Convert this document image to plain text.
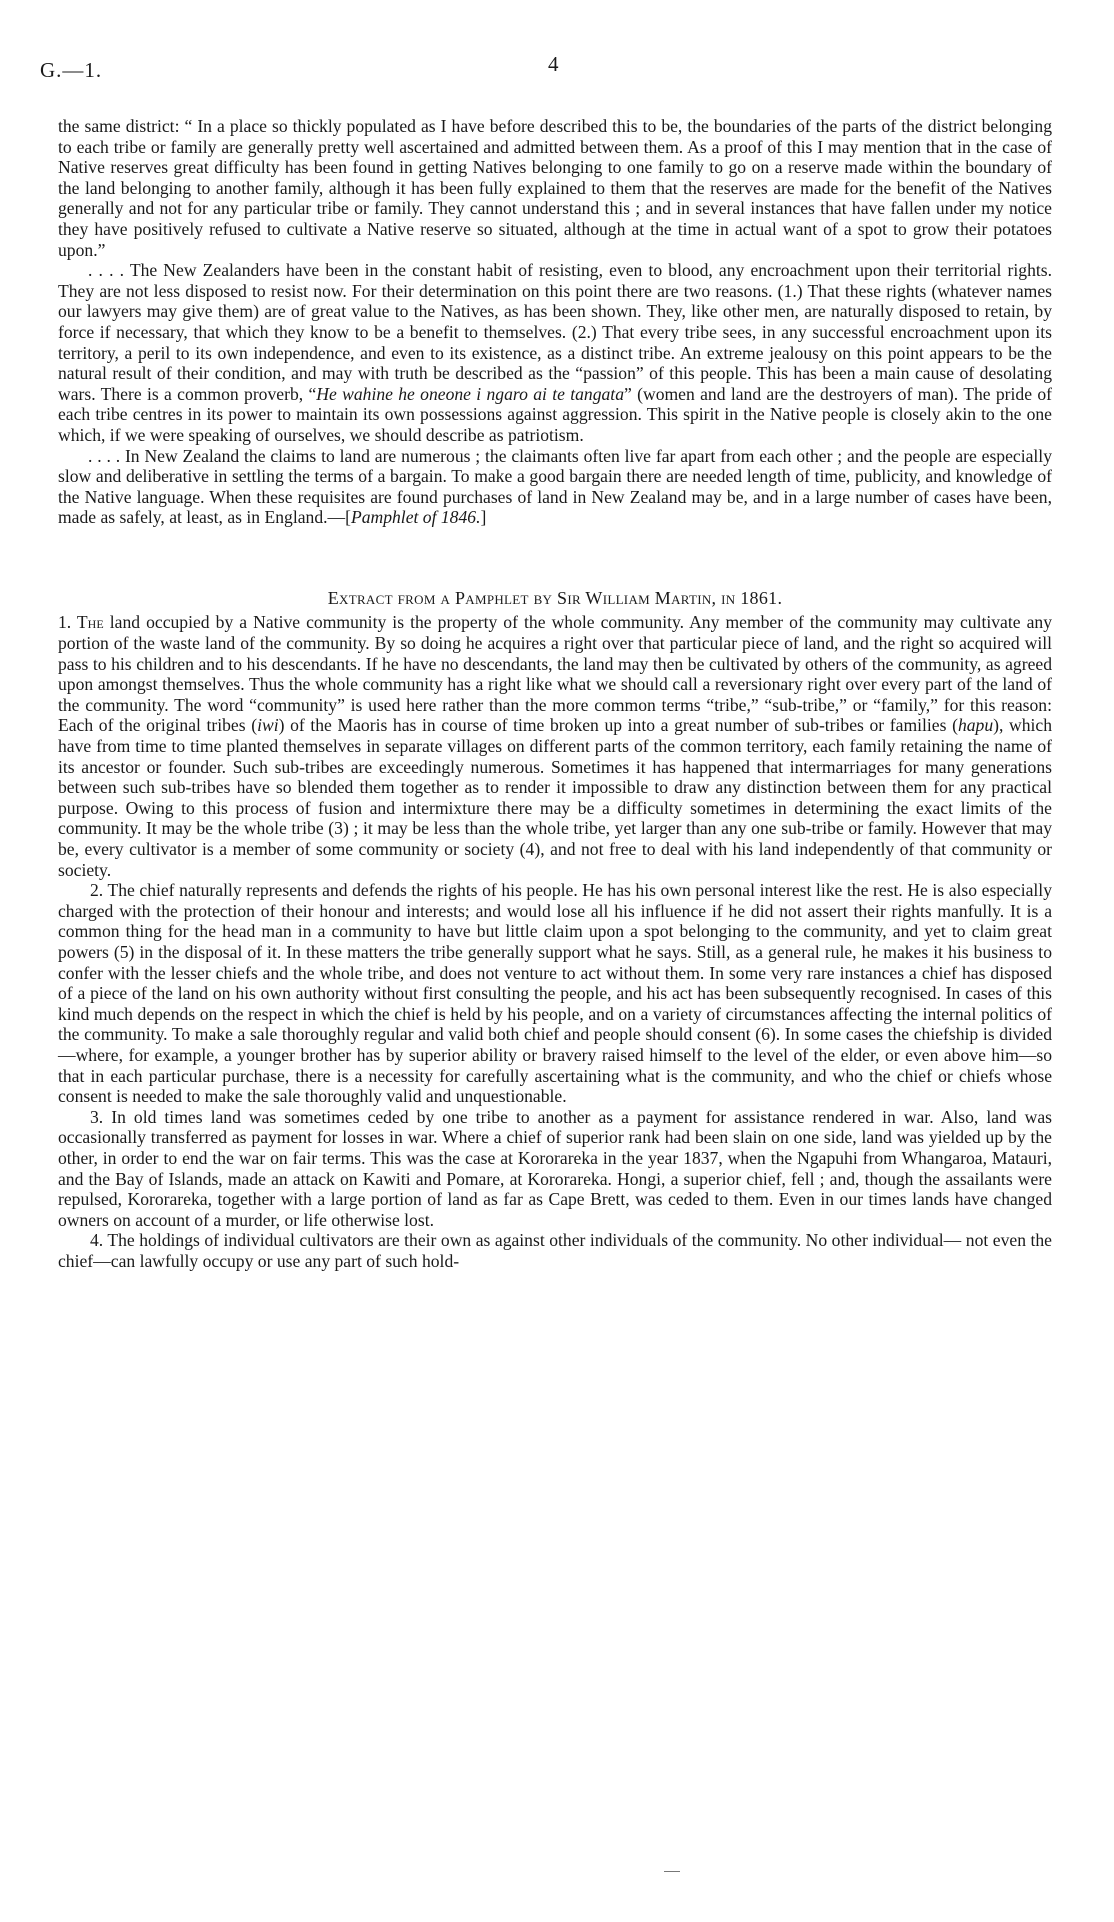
G.—1.	4

the same district: “ In a place so thickly populated as I have before described this to be, the boundaries of the parts of the district belonging to each tribe or family are generally pretty well ascertained and admitted between them. As a proof of this I may mention that in the case of Native reserves great difficulty has been found in getting Natives belonging to one family to go on a reserve made within the boundary of the land belonging to another family, although it has been fully explained to them that the reserves are made for the benefit of the Natives generally and not for any particular tribe or family. They cannot understand this ; and in several instances that have fallen under my notice they have positively refused to cultivate a Native reserve so situated, although at the time in actual want of a spot to grow their potatoes upon.”

. . . . The New Zealanders have been in the constant habit of resisting, even to blood, any encroachment upon their territorial rights. They are not less disposed to resist now. For their determination on this point there are two reasons. (1.) That these rights (whatever names our lawyers may give them) are of great value to the Natives, as has been shown. They, like other men, are naturally disposed to retain, by force if necessary, that which they know to be a benefit to themselves. (2.) That every tribe sees, in any successful encroachment upon its territory, a peril to its own independence, and even to its existence, as a distinct tribe. An extreme jealousy on this point appears to be the natural result of their condition, and may with truth be described as the “passion” of this people. This has been a main cause of desolating wars. There is a common proverb, “He wahine he oneone i ngaro ai te tangata” (women and land are the destroyers of man). The pride of each tribe centres in its power to maintain its own possessions against aggression. This spirit in the Native people is closely akin to the one which, if we were speaking of ourselves, we should describe as patriotism.

. . . . In New Zealand the claims to land are numerous ; the claimants often live far apart from each other ; and the people are especially slow and deliberative in settling the terms of a bargain. To make a good bargain there are needed length of time, publicity, and knowledge of the Native language. When these requisites are found purchases of land in New Zealand may be, and in a large number of cases have been, made as safely, at least, as in England.—[Pamphlet of 1846.]

Extract from a Pamphlet by Sir William Martin, in 1861.

1. The land occupied by a Native community is the property of the whole community. Any member of the community may cultivate any portion of the waste land of the community. By so doing he acquires a right over that particular piece of land, and the right so acquired will pass to his children and to his descendants. If he have no descendants, the land may then be cultivated by others of the community, as agreed upon amongst themselves. Thus the whole community has a right like what we should call a reversionary right over every part of the land of the community. The word “community” is used here rather than the more common terms “tribe,” “sub-tribe,” or “family,” for this reason: Each of the original tribes (iwi) of the Maoris has in course of time broken up into a great number of sub-tribes or families (hapu), which have from time to time planted themselves in separate villages on different parts of the common territory, each family retaining the name of its ancestor or founder. Such sub-tribes are exceedingly numerous. Sometimes it has happened that intermarriages for many generations between such sub-tribes have so blended them together as to render it impossible to draw any distinction between them for any practical purpose. Owing to this process of fusion and intermixture there may be a difficulty sometimes in determining the exact limits of the community. It may be the whole tribe (3) ; it may be less than the whole tribe, yet larger than any one sub-tribe or family. However that may be, every cultivator is a member of some community or society (4), and not free to deal with his land independently of that community or society.

2. The chief naturally represents and defends the rights of his people. He has his own personal interest like the rest. He is also especially charged with the protection of their honour and interests; and would lose all his influence if he did not assert their rights manfully. It is a common thing for the head man in a community to have but little claim upon a spot belonging to the community, and yet to claim great powers (5) in the disposal of it. In these matters the tribe generally support what he says. Still, as a general rule, he makes it his business to confer with the lesser chiefs and the whole tribe, and does not venture to act without them. In some very rare instances a chief has disposed of a piece of the land on his own authority without first consulting the people, and his act has been subsequently recognised. In cases of this kind much depends on the respect in which the chief is held by his people, and on a variety of circumstances affecting the internal politics of the community. To make a sale thoroughly regular and valid both chief and people should consent (6). In some cases the chiefship is divided—where, for example, a younger brother has by superior ability or bravery raised himself to the level of the elder, or even above him—so that in each particular purchase, there is a necessity for carefully ascertaining what is the community, and who the chief or chiefs whose consent is needed to make the sale thoroughly valid and unquestionable.

3. In old times land was sometimes ceded by one tribe to another as a payment for assistance rendered in war. Also, land was occasionally transferred as payment for losses in war. Where a chief of superior rank had been slain on one side, land was yielded up by the other, in order to end the war on fair terms. This was the case at Kororareka in the year 1837, when the Ngapuhi from Whangaroa, Matauri, and the Bay of Islands, made an attack on Kawiti and Pomare, at Kororareka. Hongi, a superior chief, fell ; and, though the assailants were repulsed, Kororareka, together with a large portion of land as far as Cape Brett, was ceded to them. Even in our times lands have changed owners on account of a murder, or life otherwise lost.

4. The holdings of individual cultivators are their own as against other individuals of the community. No other individual— not even the chief—can lawfully occupy or use any part of such hold-
